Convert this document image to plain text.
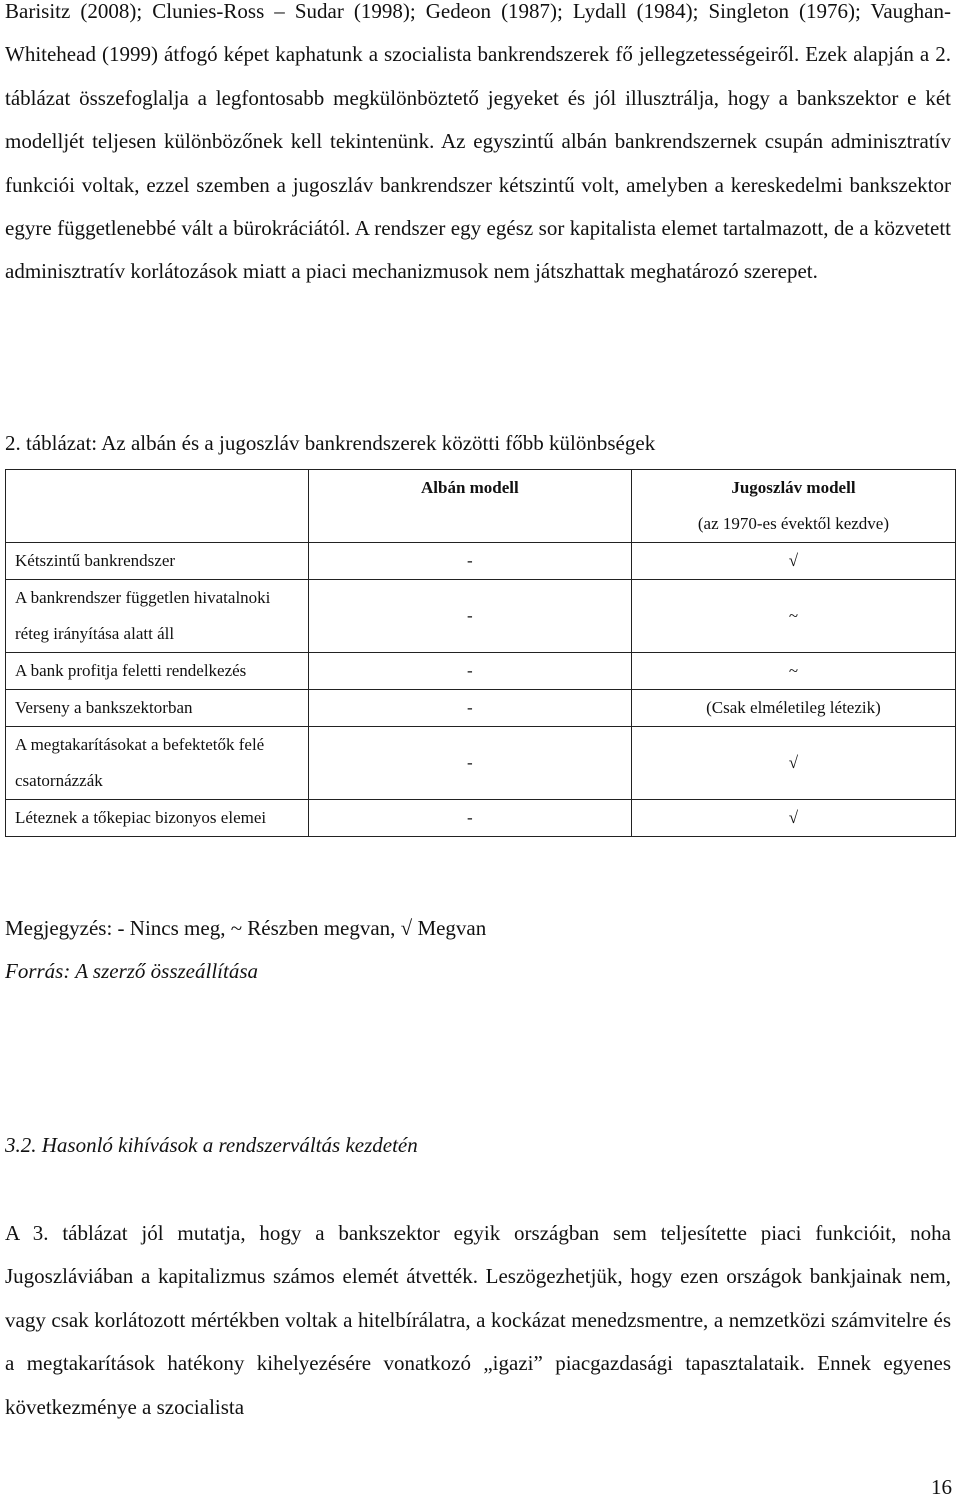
Barisitz (2008); Clunies-Ross – Sudar (1998); Gedeon (1987); Lydall (1984); Singleton (1976); Vaughan-Whitehead (1999) átfogó képet kaphatunk a szocialista bankrendszerek fő jellegzetességeiről. Ezek alapján a 2. táblázat összefoglalja a legfontosabb megkülönböztető jegyeket és jól illusztrálja, hogy a bankszektor e két modelljét teljesen különbözőnek kell tekintenünk. Az egyszintű albán bankrendszernek csupán adminisztratív funkciói voltak, ezzel szemben a jugoszláv bankrendszer kétszintű volt, amelyben a kereskedelmi bankszektor egyre függetlenebbé vált a bürokráciától. A rendszer egy egész sor kapitalista elemet tartalmazott, de a közvetett adminisztratív korlátozások miatt a piaci mechanizmusok nem játszhattak meghatározó szerepet.

2. táblázat: Az albán és a jugoszláv bankrendszerek közötti főbb különbségek

	Albán modell	Jugoszláv modell
(az 1970-es évektől kezdve)

Kétszintű bankrendszer	-	√
A bankrendszer független hivatalnoki réteg irányítása alatt áll	-	~
A bank profitja feletti rendelkezés	-	~
Verseny a bankszektorban	-	(Csak elméletileg létezik)
A megtakarításokat a befektetők felé csatornázzák	-	√
Léteznek a tőkepiac bizonyos elemei	-	√

Megjegyzés: - Nincs meg, ~ Részben megvan, √ Megvan

Forrás: A szerző összeállítása

3.2. Hasonló kihívások a rendszerváltás kezdetén

A 3. táblázat jól mutatja, hogy a bankszektor egyik országban sem teljesítette piaci funkcióit, noha Jugoszláviában a kapitalizmus számos elemét átvették. Leszögezhetjük, hogy ezen országok bankjainak nem, vagy csak korlátozott mértékben voltak a hitelbírálatra, a kockázat menedzsmentre, a nemzetközi számvitelre és a megtakarítások hatékony kihelyezésére vonatkozó „igazi” piacgazdasági tapasztalataik. Ennek egyenes következménye a szocialista

16
